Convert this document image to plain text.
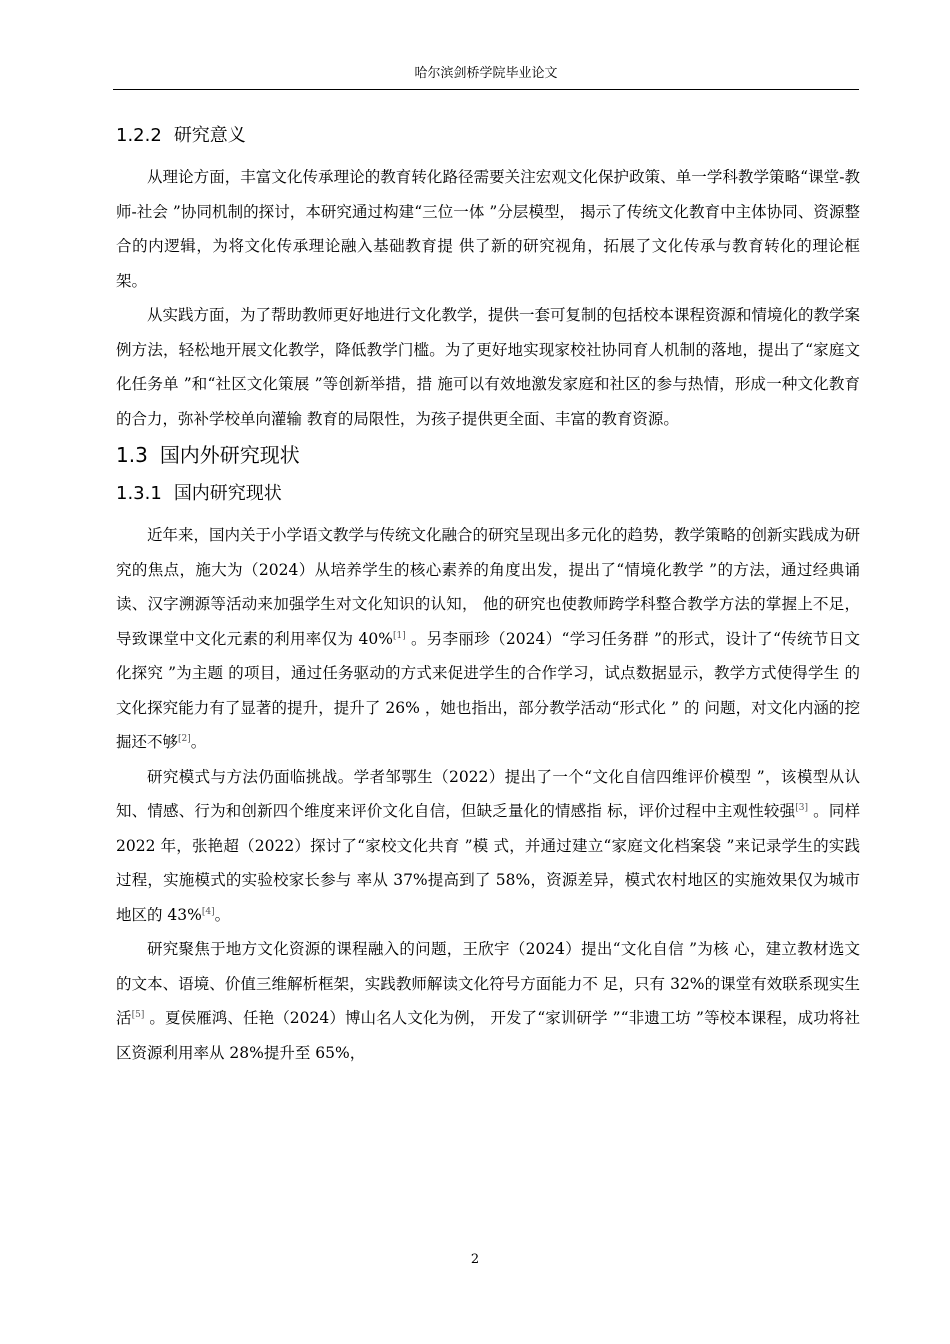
哈尔滨剑桥学院毕业论文
1.2.2 研究意义

从理论方面，丰富文化传承理论的教育转化路径需要关注宏观文化保护政策、单一学科教学策略“课堂-教师-社会 ”协同机制的探讨，本研究通过构建“三位一体 ”分层模型， 揭示了传统文化教育中主体协同、资源整合的内逻辑，为将文化传承理论融入基础教育提 供了新的研究视角，拓展了文化传承与教育转化的理论框架。

从实践方面，为了帮助教师更好地进行文化教学，提供一套可复制的包括校本课程资源和情境化的教学案例方法，轻松地开展文化教学，降低教学门槛。为了更好地实现家校社协同育人机制的落地，提出了“家庭文化任务单 ”和“社区文化策展 ”等创新举措，措 施可以有效地激发家庭和社区的参与热情，形成一种文化教育的合力，弥补学校单向灌输 教育的局限性，为孩子提供更全面、丰富的教育资源。

1.3 国内外研究现状
1.3.1 国内研究现状

近年来，国内关于小学语文教学与传统文化融合的研究呈现出多元化的趋势，教学策略的创新实践成为研究的焦点，施大为（2024）从培养学生的核心素养的角度出发，提出了“情境化教学 ”的方法，通过经典诵读、汉字溯源等活动来加强学生对文化知识的认知， 他的研究也使教师跨学科整合教学方法的掌握上不足，导致课堂中文化元素的利用率仅为 40%[1] 。另李丽珍（2024）“学习任务群 ”的形式，设计了“传统节日文化探究 ”为主题 的项目，通过任务驱动的方式来促进学生的合作学习，试点数据显示，教学方式使得学生 的文化探究能力有了显著的提升，提升了 26% ，她也指出，部分教学活动“形式化 ” 的 问题，对文化内涵的挖掘还不够[2]。

研究模式与方法仍面临挑战。学者邹鄂生（2022）提出了一个“文化自信四维评价模型 ”，该模型从认知、情感、行为和创新四个维度来评价文化自信，但缺乏量化的情感指 标，评价过程中主观性较强[3] 。同样 2022 年，张艳超（2022）探讨了“家校文化共育 ”模 式，并通过建立“家庭文化档案袋 ”来记录学生的实践过程，实施模式的实验校家长参与 率从 37%提高到了 58%，资源差异，模式农村地区的实施效果仅为城市地区的 43%[4]。

研究聚焦于地方文化资源的课程融入的问题，王欣宇（2024）提出“文化自信 ”为核 心，建立教材选文的文本、语境、价值三维解析框架，实践教师解读文化符号方面能力不 足，只有 32%的课堂有效联系现实生活[5] 。夏侯雁鸿、任艳（2024）博山名人文化为例， 开发了“家训研学 ”“非遗工坊 ”等校本课程，成功将社区资源利用率从 28%提升至 65%，

2
